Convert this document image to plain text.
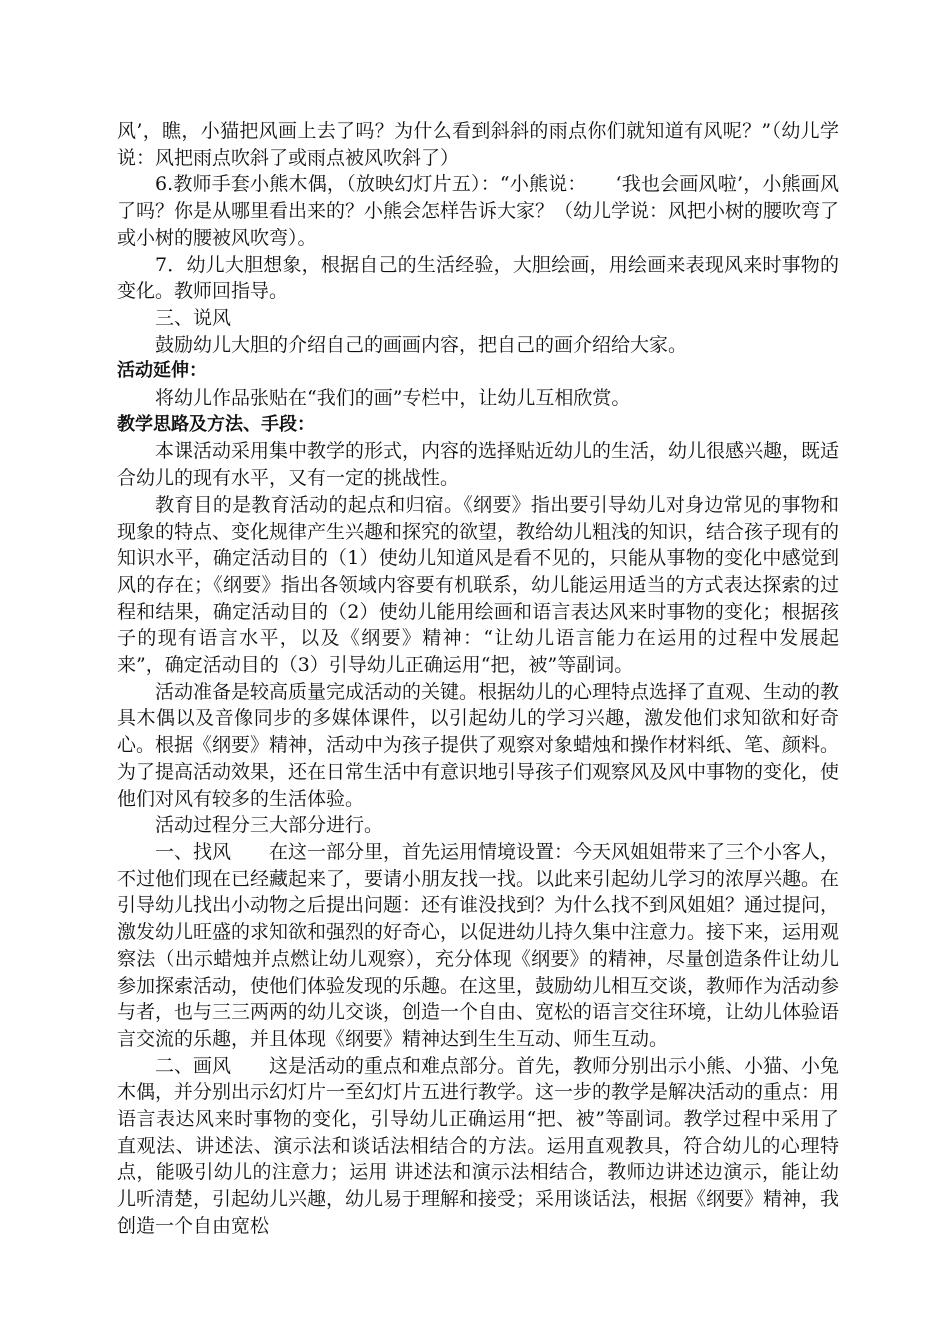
风’，瞧，小猫把风画上去了吗？为什么看到斜斜的雨点你们就知道有风呢？”（幼儿学说：风把雨点吹斜了或雨点被风吹斜了）

6.教师手套小熊木偶，（放映幻灯片五）：“小熊说：　　‘我也会画风啦’，小熊画风了吗？你是从哪里看出来的？小熊会怎样告诉大家？（幼儿学说：风把小树的腰吹弯了或小树的腰被风吹弯）。

7．幼儿大胆想象，根据自己的生活经验，大胆绘画，用绘画来表现风来时事物的变化。教师回指导。

三、说风

鼓励幼儿大胆的介绍自己的画画内容，把自己的画介绍给大家。

活动延伸：

将幼儿作品张贴在“我们的画”专栏中，让幼儿互相欣赏。

教学思路及方法、手段：

本课活动采用集中教学的形式，内容的选择贴近幼儿的生活，幼儿很感兴趣，既适合幼儿的现有水平，又有一定的挑战性。

教育目的是教育活动的起点和归宿。《纲要》指出要引导幼儿对身边常见的事物和现象的特点、变化规律产生兴趣和探究的欲望，教给幼儿粗浅的知识，结合孩子现有的知识水平，确定活动目的（1）使幼儿知道风是看不见的，只能从事物的变化中感觉到风的存在；《纲要》指出各领域内容要有机联系，幼儿能运用适当的方式表达探索的过程和结果，确定活动目的（2）使幼儿能用绘画和语言表达风来时事物的变化；根据孩子的现有语言水平，以及《纲要》精神：“让幼儿语言能力在运用的过程中发展起来”，确定活动目的（3）引导幼儿正确运用“把，被”等副词。

活动准备是较高质量完成活动的关键。根据幼儿的心理特点选择了直观、生动的教具木偶以及音像同步的多媒体课件，以引起幼儿的学习兴趣，激发他们求知欲和好奇心。根据《纲要》精神，活动中为孩子提供了观察对象蜡烛和操作材料纸、笔、颜料。为了提高活动效果，还在日常生活中有意识地引导孩子们观察风及风中事物的变化，使他们对风有较多的生活体验。

活动过程分三大部分进行。

一、找风　　在这一部分里，首先运用情境设置：今天风姐姐带来了三个小客人，不过他们现在已经藏起来了，要请小朋友找一找。以此来引起幼儿学习的浓厚兴趣。在引导幼儿找出小动物之后提出问题：还有谁没找到？为什么找不到风姐姐？通过提问，激发幼儿旺盛的求知欲和强烈的好奇心，以促进幼儿持久集中注意力。接下来，运用观察法（出示蜡烛并点燃让幼儿观察），充分体现《纲要》的精神，尽量创造条件让幼儿参加探索活动，使他们体验发现的乐趣。在这里，鼓励幼儿相互交谈，教师作为活动参与者，也与三三两两的幼儿交谈，创造一个自由、宽松的语言交往环境，让幼儿体验语言交流的乐趣，并且体现《纲要》精神达到生生互动、师生互动。

二、画风　　这是活动的重点和难点部分。首先，教师分别出示小熊、小猫、小兔木偶，并分别出示幻灯片一至幻灯片五进行教学。这一步的教学是解决活动的重点：用语言表达风来时事物的变化，引导幼儿正确运用“把、被”等副词。教学过程中采用了直观法、讲述法、演示法和谈话法相结合的方法。运用直观教具，符合幼儿的心理特点，能吸引幼儿的注意力；运用 讲述法和演示法相结合，教师边讲述边演示，能让幼儿听清楚，引起幼儿兴趣，幼儿易于理解和接受；采用谈话法，根据《纲要》精神，我创造一个自由宽松
